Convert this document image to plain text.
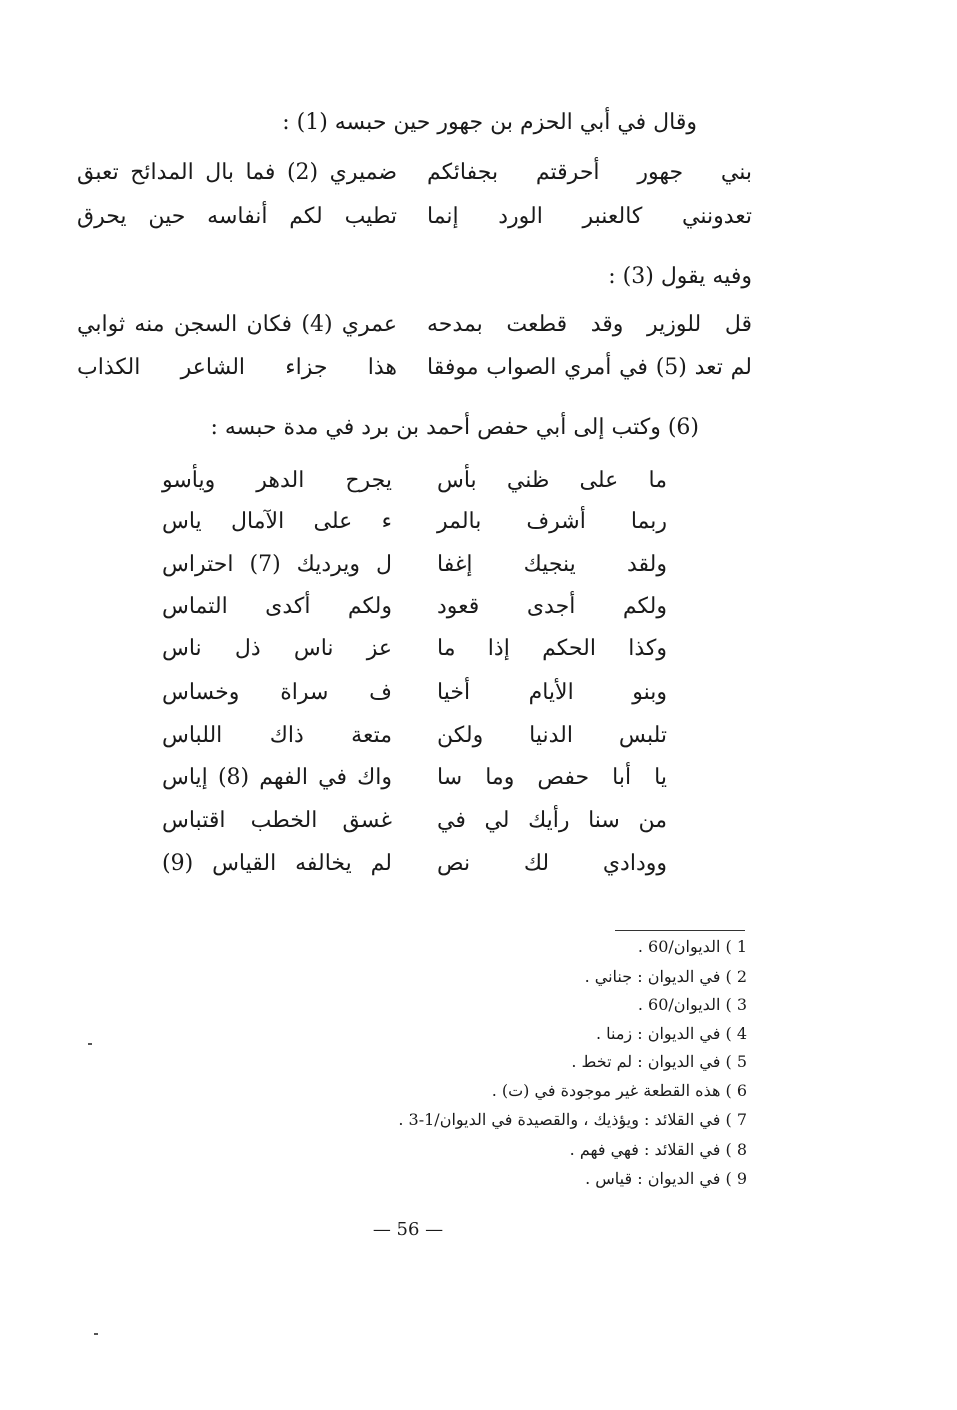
وقال في أبي الحزم بن جهور حين حبسه (1) :
بني جهور أحرقتم بجفائكم
ضميري (2) فما بال المدائح تعبق
تعدونني كالعنبر الورد إنما
تطيب لكم أنفاسه حين يحرق
وفيه يقول (3) :
قل للوزير وقد قطعت بمدحه
عمري (4) فكان السجن منه ثوابي
لم تعد (5) في أمري الصواب موفقا
هذا جزاء الشاعر الكذاب
(6) وكتب إلى أبي حفص أحمد بن برد في مدة حبسه :
ما على ظني بأس
يجرح الدهر ويأسو
ربما أشرف بالمر
ء على الآمال ياس
ولقد ينجيك إغفا
ل ويرديك (7) احتراس
ولكم أجدى قعود
ولكم أكدى التماس
وكذا الحكم إذا ما
عز ناس ذل ناس
وبنو الأيام أخيا
ف سراة وخساس
تلبس الدنيا ولكن
متعة ذاك اللباس
يا أبا حفص وما سا
واك في الفهم (8) إياس
من سنا رأيك لي في
غسق الخطب اقتباس
وودادي لك نص
لم يخالفه القياس (9)
1 ) الديوان/60 .
2 ) في الديوان : جناني .
3 ) الديوان/60 .
4 ) في الديوان : زمنا .
5 ) في الديوان : لم تخط .
6 ) هذه القطعة غير موجودة في (ت) .
7 ) في القلائد : ويؤذيك ، والقصيدة في الديوان/1-3 .
8 ) في القلائد : فهي فهم .
9 ) في الديوان : قياس .
— 56 —
